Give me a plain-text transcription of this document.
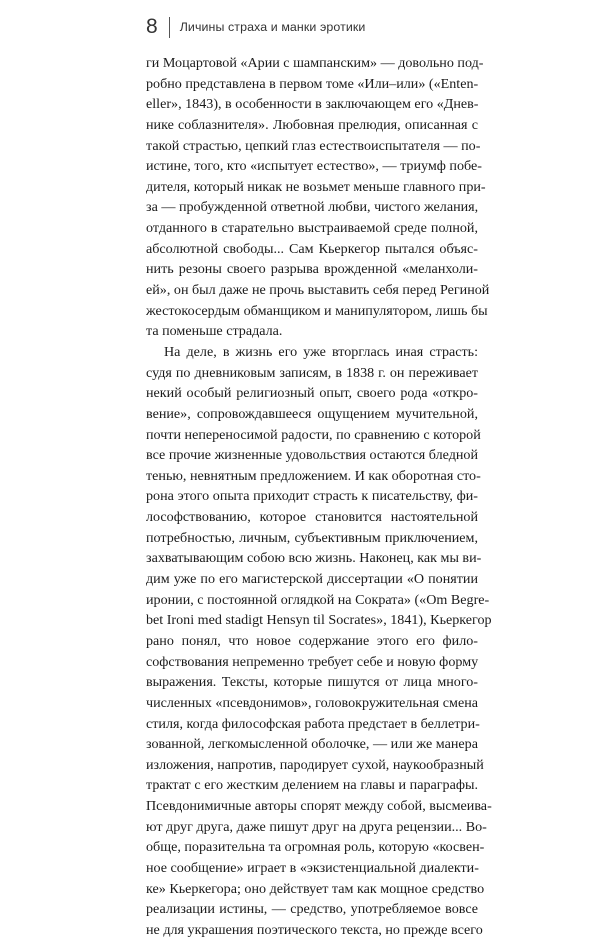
8 Личины страха и манки эротики
ги Моцартовой «Арии с шампанским» — довольно под-
робно представлена в первом томе «Или–или» («Enten-
eller», 1843), в особенности в заключающем его «Днев-
нике соблазнителя». Любовная прелюдия, описанная с
такой страстью, цепкий глаз естествоиспытателя — по-
истине, того, кто «испытует естество», — триумф побе-
дителя, который никак не возьмет меньше главного при-
за — пробужденной ответной любви, чистого желания,
отданного в старательно выстраиваемой среде полной,
абсолютной свободы... Сам Кьеркегор пытался объяс-
нить резоны своего разрыва врожденной «меланхоли-
ей», он был даже не прочь выставить себя перед Региной
жестокосердым обманщиком и манипулятором, лишь бы
та поменьше страдала.
На деле, в жизнь его уже вторглась иная страсть:
судя по дневниковым записям, в 1838 г. он переживает
некий особый религиозный опыт, своего рода «откро-
вение», сопровождавшееся ощущением мучительной,
почти непереносимой радости, по сравнению с которой
все прочие жизненные удовольствия остаются бледной
тенью, невнятным предложением. И как оборотная сто-
рона этого опыта приходит страсть к писательству, фи-
лософствованию, которое становится настоятельной
потребностью, личным, субъективным приключением,
захватывающим собою всю жизнь. Наконец, как мы ви-
дим уже по его магистерской диссертации «О понятии
иронии, с постоянной оглядкой на Сократа» («Om Begre-
bet Ironi med stadigt Hensyn til Socrates», 1841), Кьеркегор
рано понял, что новое содержание этого его фило-
софствования непременно требует себе и новую форму
выражения. Тексты, которые пишутся от лица много-
численных «псевдонимов», головокружительная смена
стиля, когда философская работа предстает в беллетри-
зованной, легкомысленной оболочке, — или же манера
изложения, напротив, пародирует сухой, наукообразный
трактат с его жестким делением на главы и параграфы.
Псевдонимичные авторы спорят между собой, высмеива-
ют друг друга, даже пишут друг на друга рецензии... Во-
обще, поразительна та огромная роль, которую «косвен-
ное сообщение» играет в «экзистенциальной диалекти-
ке» Кьеркегора; оно действует там как мощное средство
реализации истины, — средство, употребляемое вовсе
не для украшения поэтического текста, но прежде всего
